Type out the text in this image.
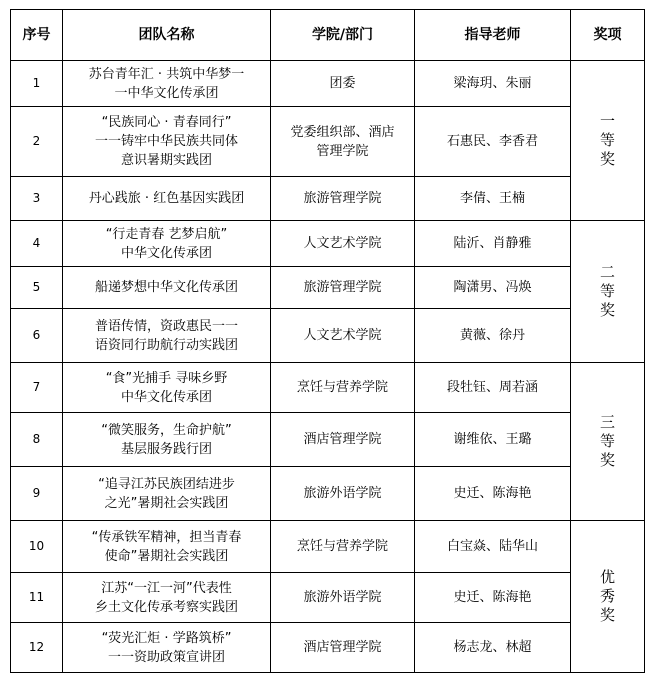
序号	团队名称	学院/部门	指导老师	奖项
1	苏台青年汇 · 共筑中华梦一
一中华文化传承团	团委	梁海玥、朱丽	一
等
奖

2	“民族同心 · 青春同行”
一一铸牢中华民族共同体
意识暑期实践团	党委组织部、酒店
管理学院	石惠民、李香君	
3	丹心践旅 · 红色基因实践团	旅游管理学院	李倩、王楠	
4	“行走青春 艺梦启航”
中华文化传承团	人文艺术学院	陆沂、肖静雅	二
等
奖

5	船递梦想中华文化传承团	旅游管理学院	陶潇男、冯焕	
6	普语传情，资政惠民一一
语资同行助航行动实践团	人文艺术学院	黄薇、徐丹	
7	“食”光捕手 寻味乡野
中华文化传承团	烹饪与营养学院	段牡钰、周若涵	三
等
奖

8	“微笑服务，生命护航”
基层服务践行团	酒店管理学院	谢维依、王璐	
9	“追寻江苏民族团结进步
之光”暑期社会实践团	旅游外语学院	史迁、陈海艳	
10	“传承铁军精神，担当青春
使命”暑期社会实践团	烹饪与营养学院	白宝焱、陆华山	优
秀
奖

11	江苏“一江一河”代表性
乡土文化传承考察实践团	旅游外语学院	史迁、陈海艳	
12	“荧光汇炬 · 学路筑桥”
一一资助政策宣讲团	酒店管理学院	杨志龙、林超	
